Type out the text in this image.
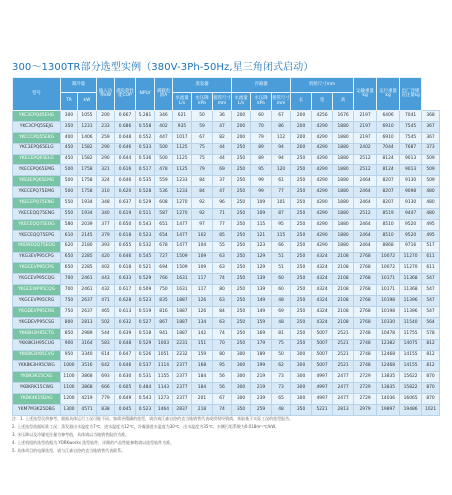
300～1300TR部分选型实例（380V-3Ph-50Hz,星三角闭式启动）
型号	制冷量		输入功率kW	满负荷性能COP	NPLV	满载电流A	蒸发器			冷凝器			机组尺寸mm			运输重量kg	运行重量kg	出厂冷媒充注量kg	
	TR	kW					水流量L/s	水压降kPa	接管尺寸mm	水流量L/s	水压降kPa	接管尺寸mm	长	宽	高				
YKC3CPQ45EHG	300	1055	200	0.667	5.281	346	621	50	36	200	60	67	200	4256	1676	2197	6406	7041	368
YKC3CPQ5SEJG	350	1231	233	0.686	0.558	402	935	59	47	200	70	86	200	4290	1880	2197	6910	7545	367
YKCCCPQ55EKG	400	1406	259	0.648	0.552	447	1017	67	82	200	79	112	200	4290	1880	2197	6910	7545	367
YKC3EPQ65ELG	450	1582	290	0.646	0.533	500	1125	75	44	250	89	94	200	4290	1880	2402	7044	7687	373
YKECEPQ65ELG	450	1582	290	0.644	0.536	500	1125	75	44	250	89	94	250	4290	1880	2512	8124	9013	509
YKECEPQ65EMG	500	1758	321	0.616	0.517	478	1125	79	69	250	95	120	250	4290	1880	2512	8124	9013	509
YKE4EPQ65EMG	500	1758	324	0.646	0.535	559	1233	84	37	250	99	61	250	4290	1880	2464	8207	9130	509
YKECEPQ75EMG	500	1758	310	0.620	0.528	536	1233	84	47	250	99	77	250	4290	1880	2464	8207	9098	480
YKECEPQ75ENG	550	1934	348	0.637	0.529	608	1270	92	96	250	109	101	250	4290	1880	2464	8207	9130	480
YKECEQQ75ENG	550	1934	340	0.619	0.511	587	1270	92	71	250	109	87	250	4290	1880	2512	8519	9447	480
YKECEQQ75EOG	580	2039	377	0.650	0.543	651	1477	97	77	250	115	95	250	4290	1880	2464	8510	9520	495
YKECEQQ75EPG	610	2145	379	0.618	0.523	654	1477	102	85	250	121	115	250	4290	1880	2464	8510	9520	495
YKEWEQQ75EOG	620	2180	393	0.655	0.532	678	1477	104	55	250	123	66	250	4290	1880	2464	8868	9716	517
YKG3EVP95CPG	650	2285	420	0.646	0.545	727	1509	109	63	250	129	51	250	4324	2108	2768	10072	11270	611
YKGCEVP95CPG	650	2285	402	0.618	0.521	694	1509	109	63	250	129	51	250	4324	2108	2768	10072	11270	611
YKGCEVP95CQG	700	2461	443	0.633	0.529	766	1631	117	74	250	139	60	250	4324	2108	2768	10171	11368	547
YKGCEWP95CQG	700	2461	432	0.617	0.509	750	1631	117	80	250	139	60	250	4324	2108	2768	10171	11368	547
YKGCEVP95CRG	750	2637	471	0.628	0.523	835	1887	126	63	250	149	48	250	4324	2108	2768	10198	11396	547
YKGDEVP95CRG	750	2637	465	0.613	0.519	816	1887	126	84	250	149	69	250	4324	2108	2768	10198	11396	547
YKGDEVP95CSG	800	2813	502	0.632	0.527	867	1887	134	63	250	159	48	250	4324	2108	2768	10330	11540	564
YKK8H2H95CTG	850	2989	544	0.639	0.518	941	1887	142	74	250	169	81	250	5007	2521	2748	10478	11755	578
YKK8K3H95CUG	900	3164	583	0.648	0.529	1003	2231	151	70	250	179	75	250	5007	2521	2748	12382	14075	812
YKK8K3H95CVG	950	3340	614	0.647	0.526	1051	2232	159	80	300	189	50	300	5007	2521	2748	12468	14155	812
YKK8K3H95CWG	1000	3516	642	0.646	0.537	1114	2377	168	95	300	199	62	300	5007	2521	2748	12468	14155	812
YKBK3K15CXG	1100	3868	693	0.630	0.531	1155	2377	184	56	300	219	73	300	4997	2477	2729	13835	15622	870
YKBKRK15CWG	1100	3868	666	0.605	0.484	1143	2377	184	56	300	219	73	300	4997	2477	2729	13835	15822	870
YKBK4K15DAG	1200	4219	779	0.649	0.543	1273	2377	201	67	300	239	65	300	4997	2477	2729	14036	16065	870
YKM7M3K25DBG	1300	4571	838	0.645	0.523	1464	2837	218	74	350	259	48	350	5221	2813	2979	19897	19486	1021
注：1. 上述选型仅供参考，根据具体运行工况可能不同。如需更精确的选型，请咨询江森自控约克当地销售代表或授权经销商，获取基于实际工况的选型报告。
2. 上述选型依据标准工况；蒸发器出水温度为7℃，进水温度为12℃，冷凝器进水温度为30℃，出水温度为35℃，水侧污垢系数为0.018m²·℃/kW。
3. 水压降以及冷媒充注量为参考值，具体请以当地销售报价为准。
4. 上述机组的选型依据为 YORKworks 选型软件，详细的产品性能参数请以选型软件为准。
5. 具体项目的电源选型，请与江森自控约克当地销售代表联系。
